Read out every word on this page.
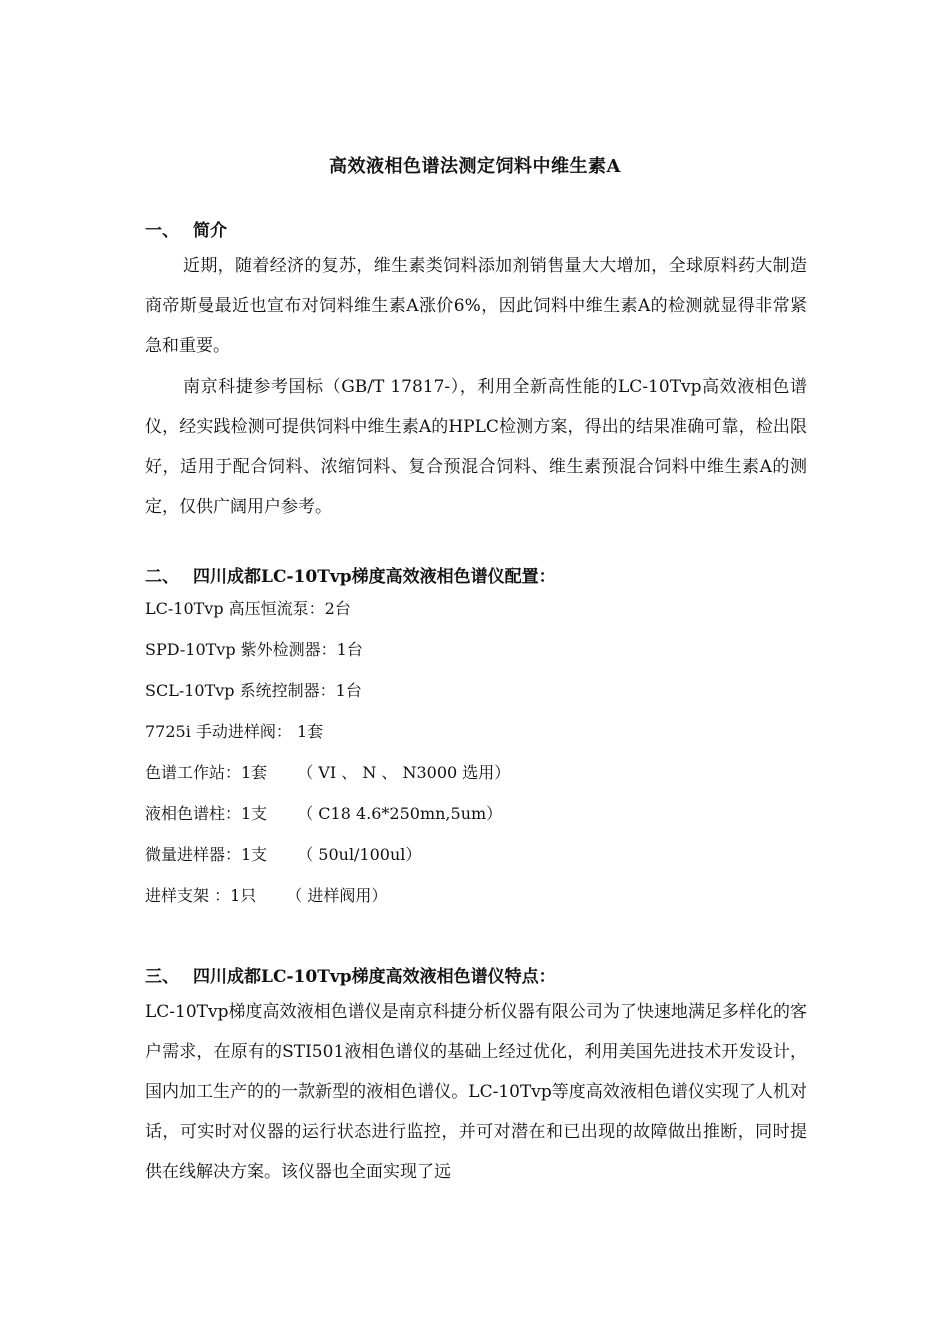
高效液相色谱法测定饲料中维生素A
一、 简介

近期，随着经济的复苏，维生素类饲料添加剂销售量大大增加，全球原料药大制造商帝斯曼最近也宣布对饲料维生素A涨价6%，因此饲料中维生素A的检测就显得非常紧急和重要。

南京科捷参考国标（GB/T 17817-），利用全新高性能的LC-10Tvp高效液相色谱仪，经实践检测可提供饲料中维生素A的HPLC检测方案，得出的结果准确可靠，检出限好，适用于配合饲料、浓缩饲料、复合预混合饲料、维生素预混合饲料中维生素A的测定，仅供广阔用户参考。

二、 四川成都LC-10Tvp梯度高效液相色谱仪配置：
LC-10Tvp 高压恒流泵：2台
SPD-10Tvp 紫外检测器：1台
SCL-10Tvp 系统控制器：1台
7725i 手动进样阀： 1套
色谱工作站：1套 （ VI 、 N 、 N3000 选用）
液相色谱柱：1支 （ C18 4.6*250mn,5um）
微量进样器：1支 （ 50ul/100ul）
进样支架 ：1只 （ 进样阀用）
三、 四川成都LC-10Tvp梯度高效液相色谱仪特点：

LC-10Tvp梯度高效液相色谱仪是南京科捷分析仪器有限公司为了快速地满足多样化的客户需求，在原有的STI501液相色谱仪的基础上经过优化，利用美国先进技术开发设计，国内加工生产的的一款新型的液相色谱仪。LC-10Tvp等度高效液相色谱仪实现了人机对话，可实时对仪器的运行状态进行监控，并可对潜在和已出现的故障做出推断，同时提供在线解决方案。该仪器也全面实现了远
